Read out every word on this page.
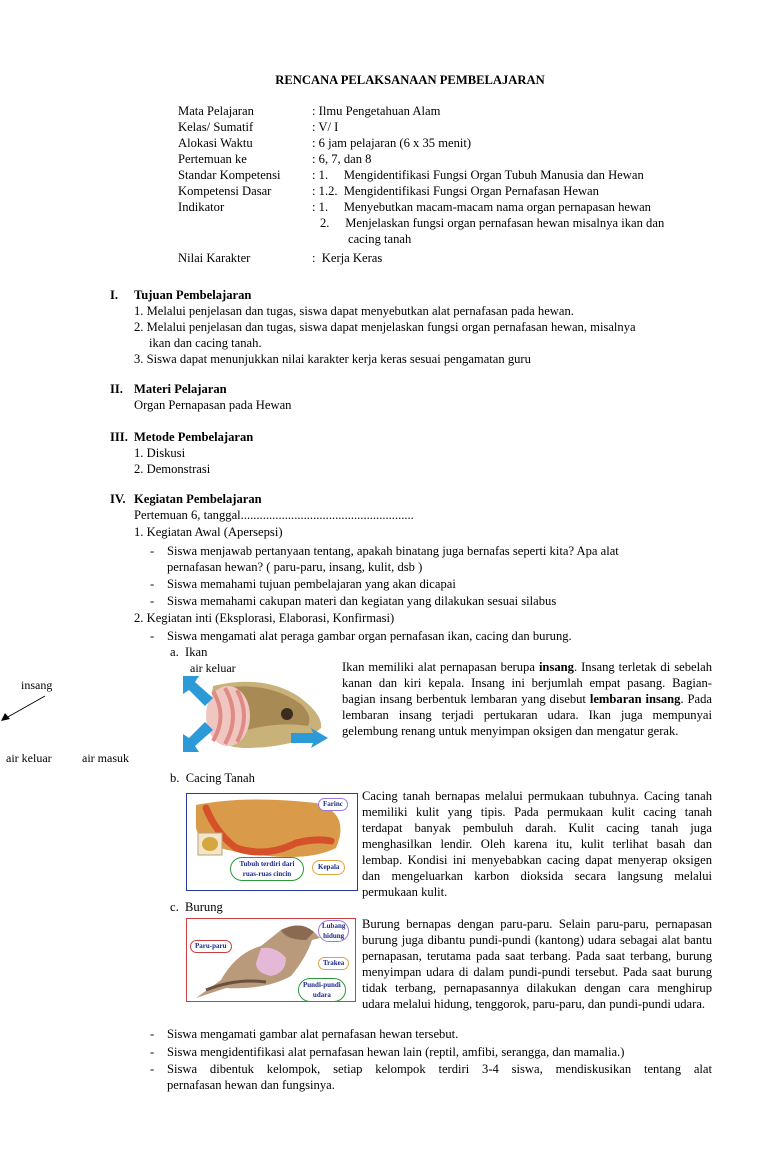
RENCANA PELAKSANAAN PEMBELAJARAN
Mata Pelajaran	: Ilmu Pengetahuan Alam
Kelas/ Sumatif	: V/ I
Alokasi Waktu	: 6 jam pelajaran (6 x 35 menit)
Pertemuan ke	: 6, 7, dan 8
Standar Kompetensi	: 1.     Mengidentifikasi Fungsi Organ Tubuh Manusia dan Hewan
Kompetensi Dasar	: 1.2.  Mengidentifikasi Fungsi Organ Pernafasan Hewan
Indikator	: 1.     Menyebutkan macam-macam nama organ pernapasan hewan
2.     Menjelaskan fungsi organ pernafasan hewan misalnya ikan dan
cacing tanah
Nilai Karakter	:  Kerja Keras
I. Tujuan Pembelajaran
1. Melalui penjelasan dan tugas, siswa dapat menyebutkan alat pernafasan pada hewan.
2. Melalui penjelasan dan tugas, siswa dapat menjelaskan fungsi organ pernafasan hewan, misalnya
ikan dan cacing tanah.
3. Siswa dapat menunjukkan nilai karakter kerja keras sesuai pengamatan guru
II. Materi Pelajaran
Organ Pernapasan pada Hewan
III. Metode Pembelajaran
1. Diskusi
2. Demonstrasi
IV. Kegiatan Pembelajaran
Pertemuan 6, tanggal.......................................................
1. Kegiatan Awal (Apersepsi)
- Siswa menjawab pertanyaan tentang, apakah binatang juga bernafas seperti kita? Apa alat
pernafasan hewan? ( paru-paru, insang, kulit, dsb )
- Siswa memahami tujuan pembelajaran yang akan dicapai
- Siswa memahami cakupan materi dan kegiatan yang dilakukan sesuai silabus
2. Kegiatan inti (Eksplorasi, Elaborasi, Konfirmasi)
- Siswa mengamati alat peraga gambar organ pernafasan ikan, cacing dan burung.
a.  Ikan
air keluar	Ikan memiliki alat pernapasan berupa insang. Insang terletak di sebelah kanan dan kiri kepala. Insang ini berjumlah empat pasang. Bagian-bagian insang berbentuk lembaran yang disebut lembaran insang. Pada lembaran insang terjadi pertukaran udara. Ikan juga mempunyai gelembung renang untuk menyimpan oksigen dan mengatur gerak.
insang
air keluar	air masuk
b.  Cacing Tanah
Farinc
Kepala
Tubuh terdiri dari
ruas-ruas cincin
Cacing tanah bernapas melalui permukaan tubuhnya. Cacing tanah memiliki kulit yang tipis. Pada permukaan kulit cacing tanah terdapat banyak pembuluh darah. Kulit cacing tanah juga menghasilkan lendir. Oleh karena itu, kulit terlihat basah dan lembap. Kondisi ini menyebabkan cacing dapat menyerap oksigen dan mengeluarkan karbon dioksida secara langsung melalui permukaan kulit.
c.  Burung
Lubang
hidung
Paru-paru
Trakea
Pundi-pundi
udara
Burung bernapas dengan paru-paru. Selain paru-paru, pernapasan burung juga dibantu pundi-pundi (kantong) udara sebagai alat bantu pernapasan, terutama pada saat terbang. Pada saat terbang, burung menyimpan udara di dalam pundi-pundi tersebut. Pada saat burung tidak terbang, pernapasannya dilakukan dengan cara menghirup udara melalui hidung, tenggorok, paru-paru, dan pundi-pundi udara.
- Siswa mengamati gambar alat pernafasan hewan tersebut.
- Siswa mengidentifikasi alat pernafasan hewan lain (reptil, amfibi, serangga, dan mamalia.)
- Siswa dibentuk kelompok, setiap kelompok terdiri 3-4 siswa, mendiskusikan tentang alat
pernafasan hewan dan fungsinya.
